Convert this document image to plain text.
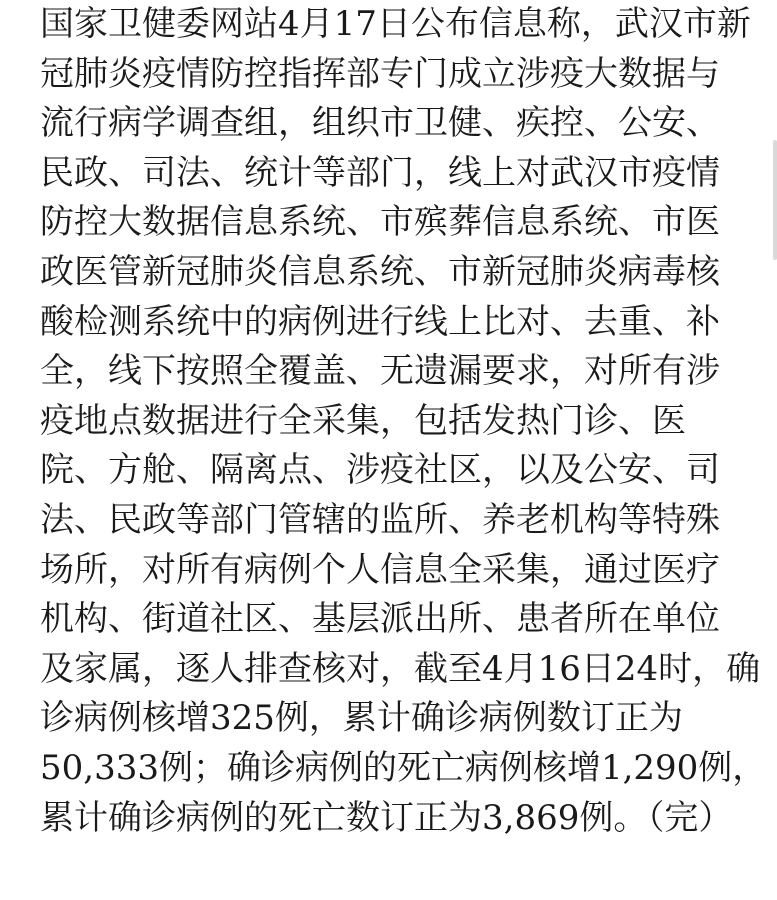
国家卫健委网站4月17日公布信息称，武汉市新
冠肺炎疫情防控指挥部专门成立涉疫大数据与
流行病学调查组，组织市卫健、疾控、公安、
民政、司法、统计等部门，线上对武汉市疫情
防控大数据信息系统、市殡葬信息系统、市医
政医管新冠肺炎信息系统、市新冠肺炎病毒核
酸检测系统中的病例进行线上比对、去重、补
全，线下按照全覆盖、无遗漏要求，对所有涉
疫地点数据进行全采集，包括发热门诊、医
院、方舱、隔离点、涉疫社区，以及公安、司
法、民政等部门管辖的监所、养老机构等特殊
场所，对所有病例个人信息全采集，通过医疗
机构、街道社区、基层派出所、患者所在单位
及家属，逐人排查核对，截至4月16日24时，确
诊病例核增325例，累计确诊病例数订正为
50,333例；确诊病例的死亡病例核增1,290例，
累计确诊病例的死亡数订正为3,869例。（完）
